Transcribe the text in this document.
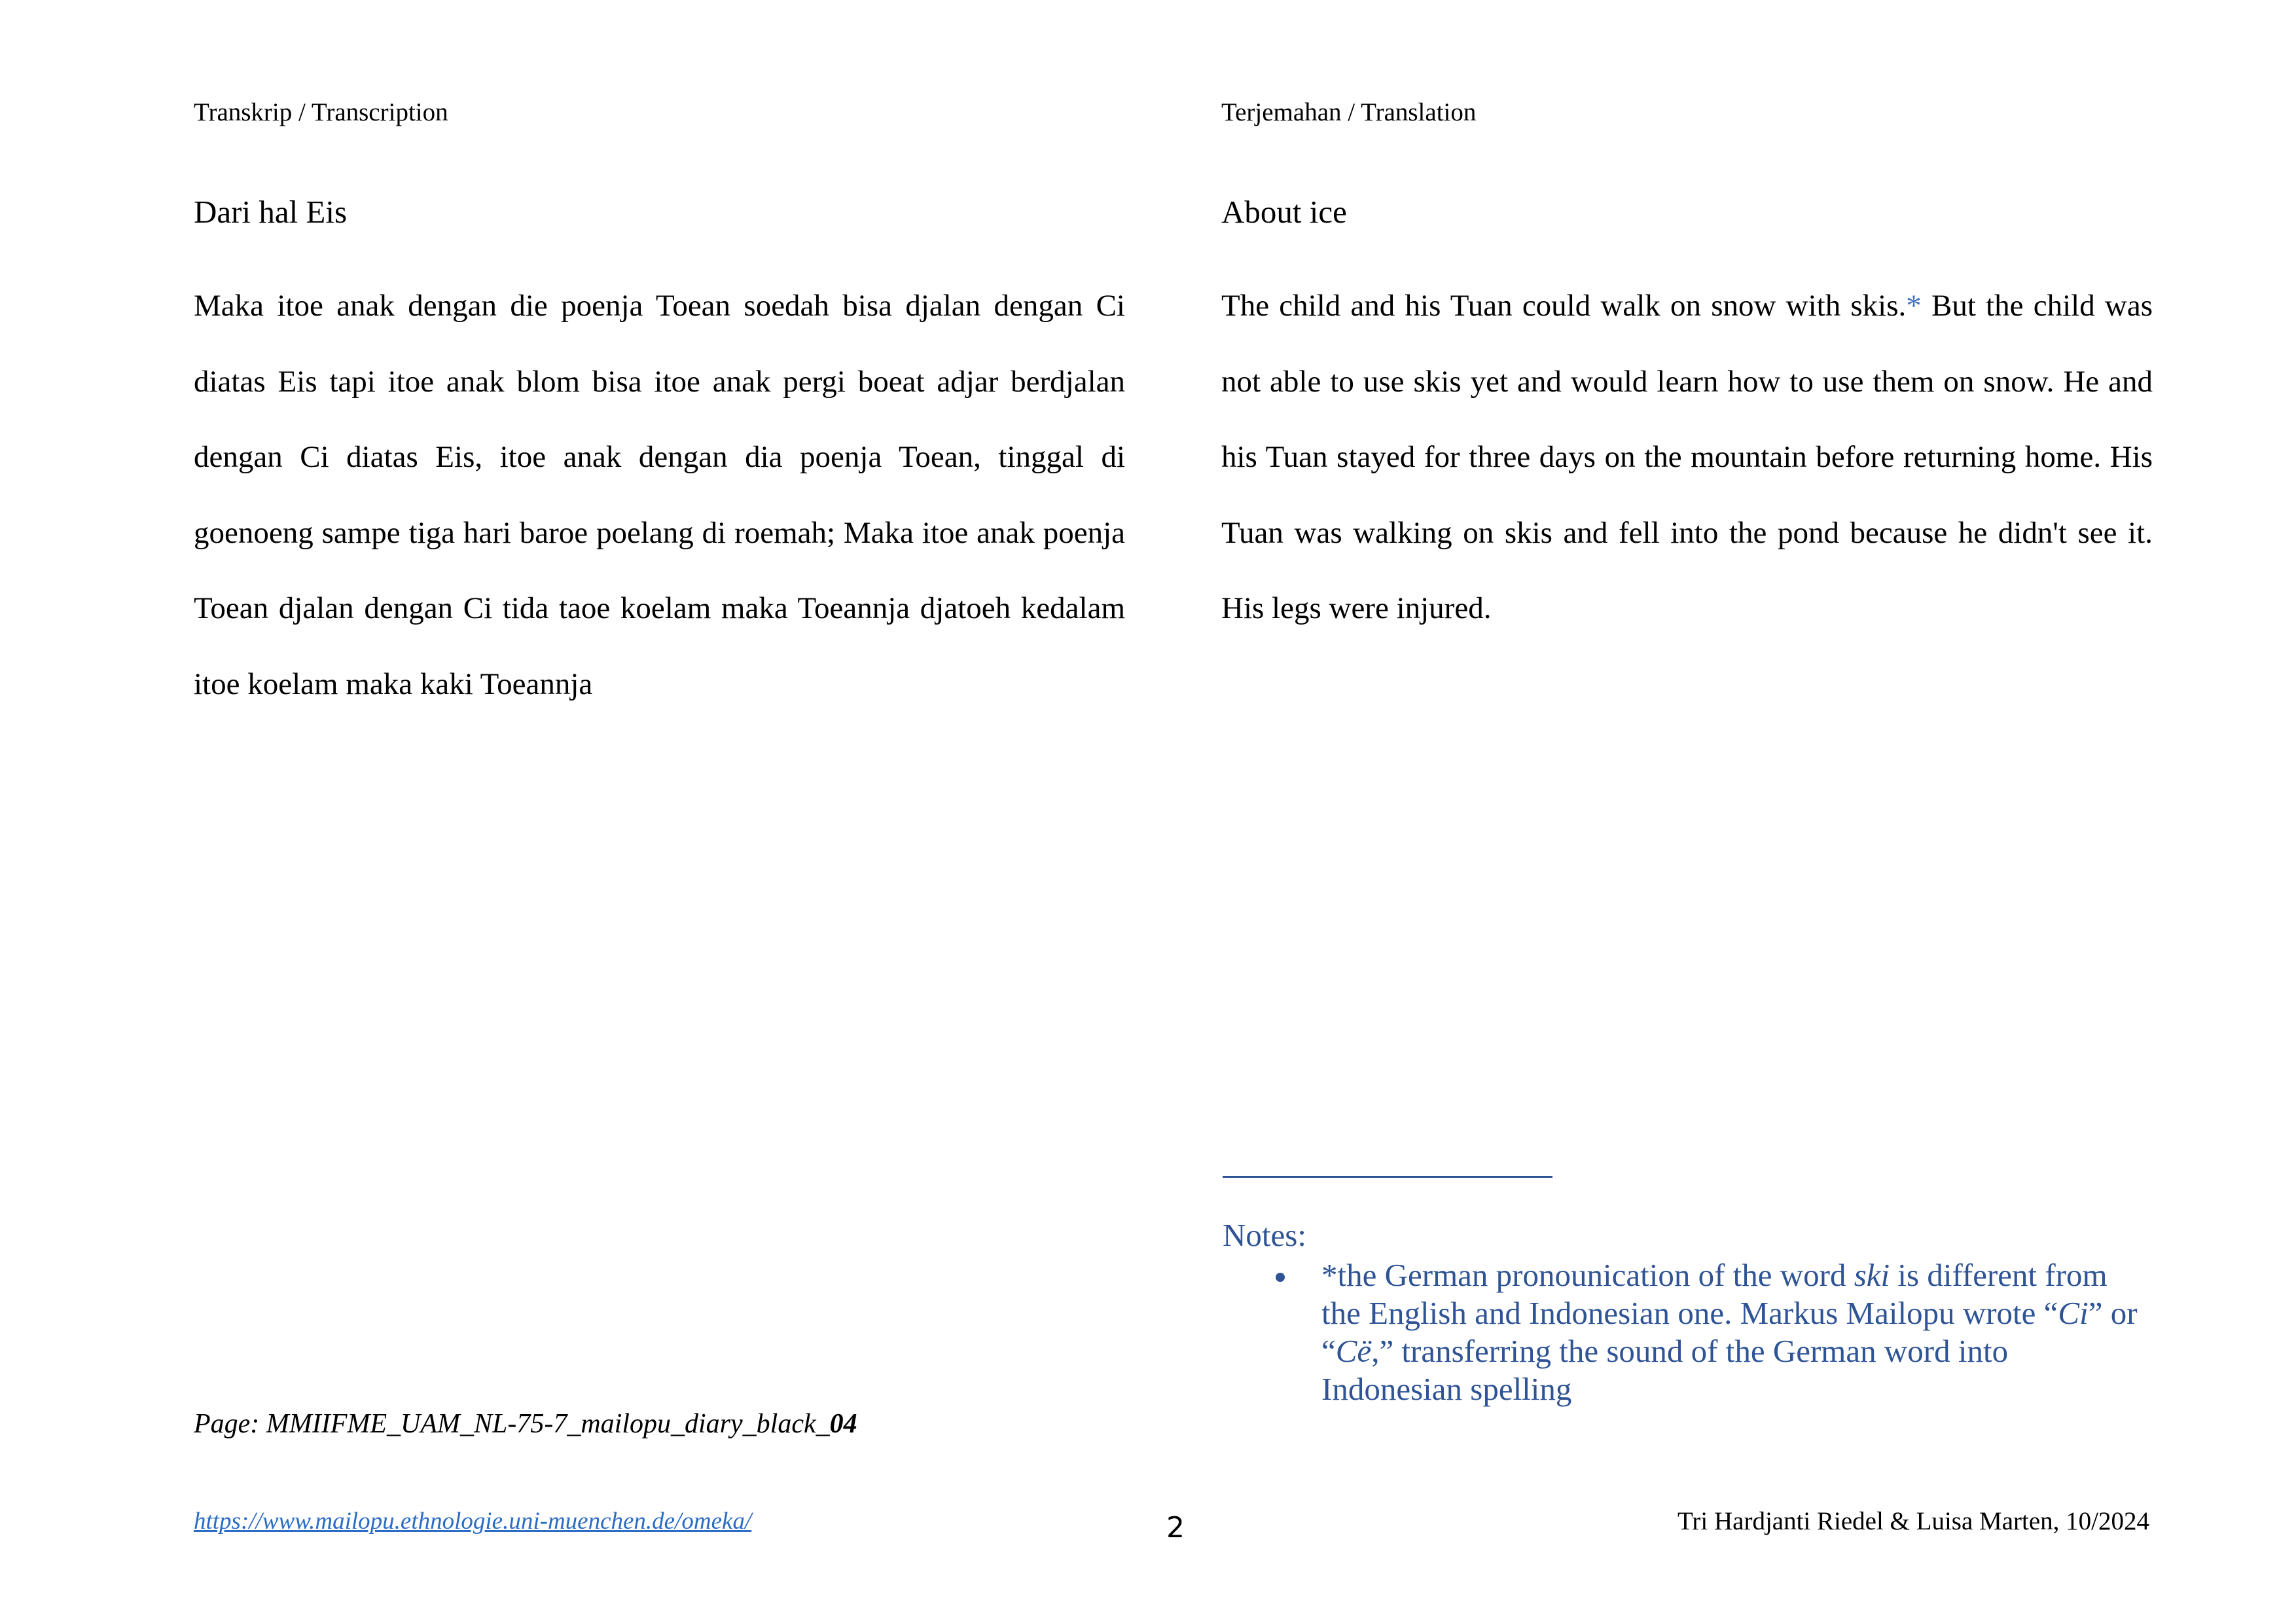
Transkrip / Transcription
Dari hal Eis
Maka itoe anak dengan die poenja Toean soedah bisa djalan dengan Ci diatas Eis tapi itoe anak blom bisa itoe anak pergi boeat adjar berdjalan dengan Ci diatas Eis, itoe anak dengan dia poenja Toean, tinggal di goenoeng sampe tiga hari baroe poelang di roemah; Maka itoe anak poenja Toean djalan dengan Ci tida taoe koelam maka Toeannja djatoeh kedalam itoe koelam maka kaki Toeannja
Terjemahan / Translation
About ice
The child and his Tuan could walk on snow with skis.* But the child was not able to use skis yet and would learn how to use them on snow. He and his Tuan stayed for three days on the mountain before returning home. His Tuan was walking on skis and fell into the pond because he didn't see it. His legs were injured.
Notes:
*the German pronounication of the word ski is different from the English and Indonesian one. Markus Mailopu wrote “Ci” or “Cë,” transferring the sound of the German word into Indonesian spelling
Page: MMIIFME_UAM_NL-75-7_mailopu_diary_black_04
https://www.mailopu.ethnologie.uni-muenchen.de/omeka/	2	Tri Hardjanti Riedel & Luisa Marten, 10/2024
